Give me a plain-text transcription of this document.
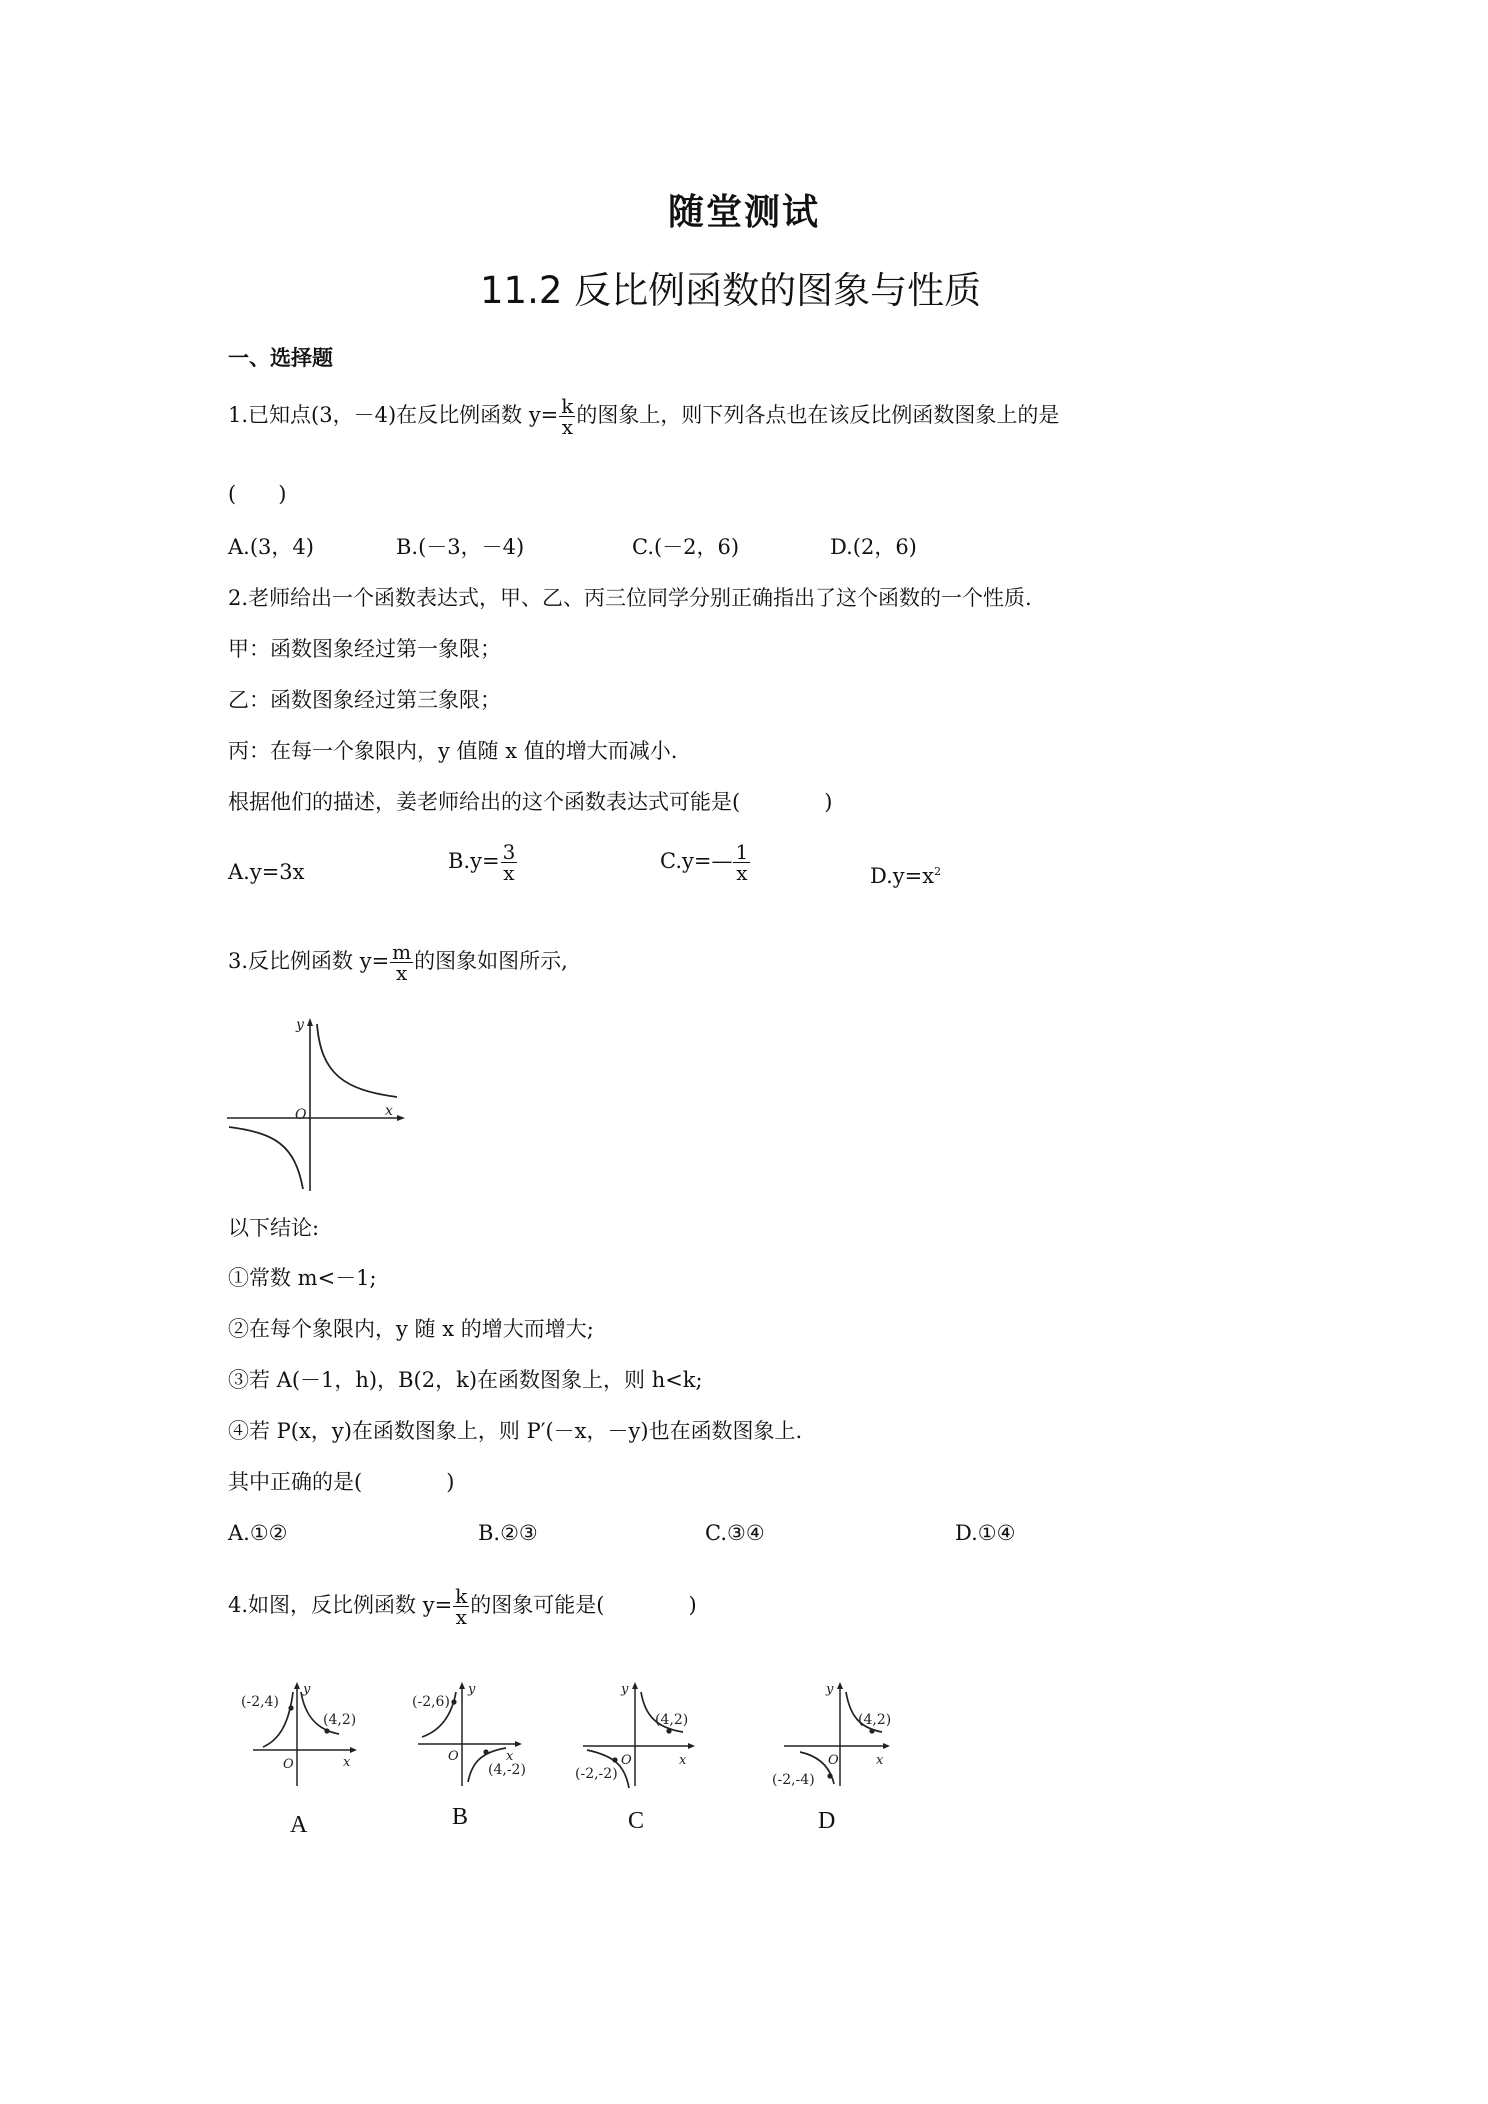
随堂测试
11.2 反比例函数的图象与性质
一、选择题
1.已知点(3，－4)在反比例函数 $y= \frac{k}{x}$ 的图象上，则下列各点也在该反比例函数图象上的是
(　　)
A.(3，4)	B.(－3，－4)	C.(－2，6)	D.(2，6)
2.老师给出一个函数表达式，甲、乙、丙三位同学分别正确指出了这个函数的一个性质.
甲：函数图象经过第一象限；
乙：函数图象经过第三象限；
丙：在每一个象限内，y 值随 x 值的增大而减小.
根据他们的描述，姜老师给出的这个函数表达式可能是(　　　　)
A.y=3x	$B.y= \frac{3}{x}$	C.y=— $\frac{1}{x}$	$D.y=x^2$
3.反比例函数 $y= \frac{m}{x}$ 的图象如图所示,
y
x
O
以下结论:
①常数 m<－1;
②在每个象限内，y 随 x 的增大而增大;
③若 A(－1，h)，B(2，k)在函数图象上，则 h<k;
④若 P(x，y)在函数图象上，则 P′(－x，－y)也在函数图象上.
其中正确的是(　　　　)
A.①②	B.②③	C.③④	D.①④
4.如图，反比例函数 $y= \frac{k}{x}$ 的图象可能是(　　　　)
y
x
O
(-2,4)
(4,2)
A
y
x
O
(-2,6)
(4,-2)
B
y
x
O
(4,2)
(-2,-2)
C
y
x
O
(4,2)
(-2,-4)
D
